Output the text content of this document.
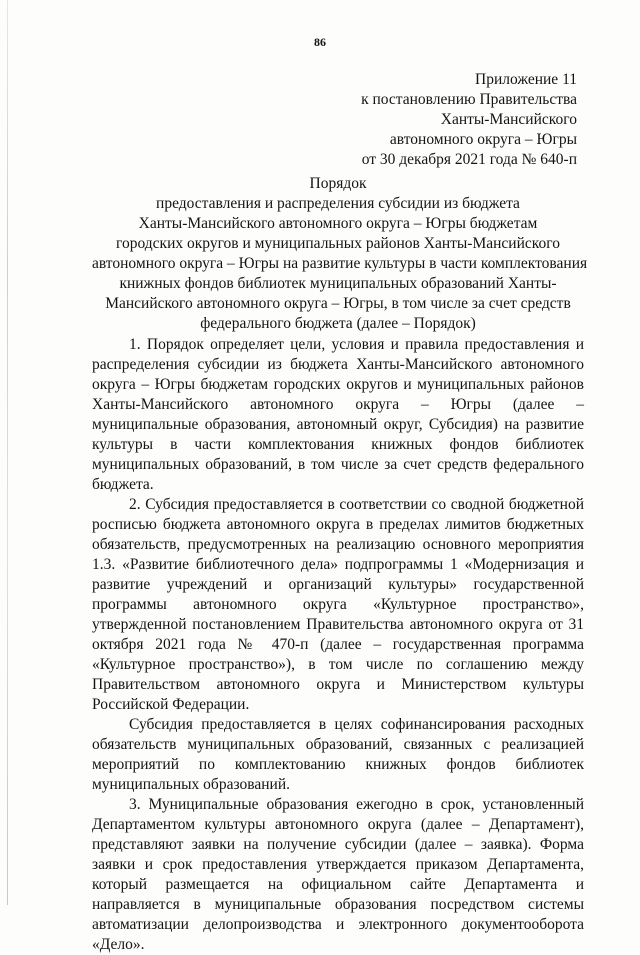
86
Приложение 11
к постановлению Правительства
Ханты-Мансийского
автономного округа – Югры
от 30 декабря 2021 года № 640-п
Порядок
предоставления и распределения субсидии из бюджета
Ханты-Мансийского автономного округа – Югры бюджетам
городских округов и муниципальных районов Ханты-Мансийского
автономного округа – Югры на развитие культуры в части комплектования
книжных фондов библиотек муниципальных образований Ханты-
Мансийского автономного округа – Югры, в том числе за счет средств
федерального бюджета (далее – Порядок)

1. Порядок определяет цели, условия и правила предоставления и распределения субсидии из бюджета Ханты-Мансийского автономного округа – Югры бюджетам городских округов и муниципальных районов Ханты-Мансийского автономного округа – Югры (далее – муниципальные образования, автономный округ, Субсидия) на развитие культуры в части комплектования книжных фондов библиотек муниципальных образований, в том числе за счет средств федерального бюджета.

2. Субсидия предоставляется в соответствии со сводной бюджетной росписью бюджета автономного округа в пределах лимитов бюджетных обязательств, предусмотренных на реализацию основного мероприятия 1.3. «Развитие библиотечного дела» подпрограммы 1 «Модернизация и развитие учреждений и организаций культуры» государственной программы автономного округа «Культурное пространство», утвержденной постановлением Правительства автономного округа от 31 октября 2021 года № 470-п (далее – государственная программа «Культурное пространство»), в том числе по соглашению между Правительством автономного округа и Министерством культуры Российской Федерации.

Субсидия предоставляется в целях софинансирования расходных обязательств муниципальных образований, связанных с реализацией мероприятий по комплектованию книжных фондов библиотек муниципальных образований.

3. Муниципальные образования ежегодно в срок, установленный Департаментом культуры автономного округа (далее – Департамент), представляют заявки на получение субсидии (далее – заявка). Форма заявки и срок предоставления утверждается приказом Департамента, который размещается на официальном сайте Департамента и направляется в муниципальные образования посредством системы автоматизации делопроизводства и электронного документооборота «Дело».
